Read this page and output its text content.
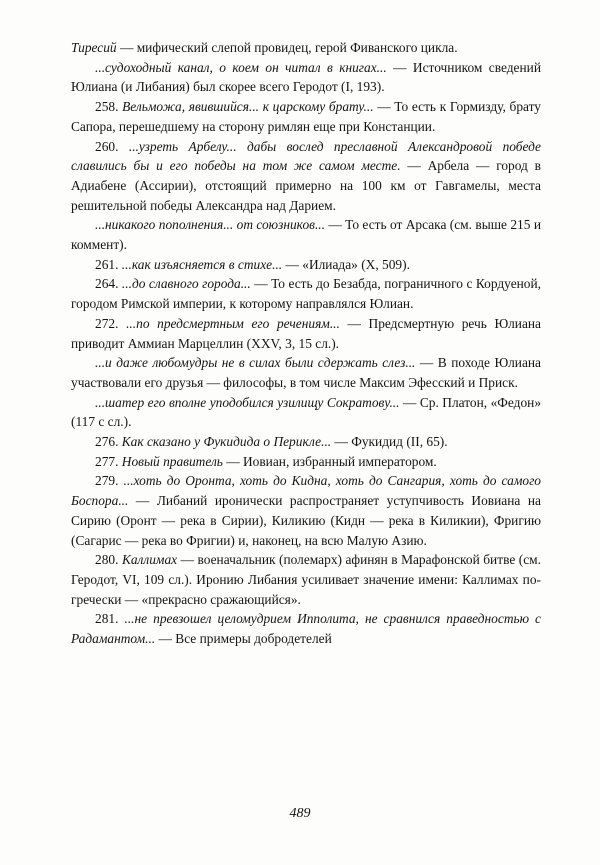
Тиресий — мифический слепой провидец, герой Фиванского цикла.

...судоходный канал, о коем он читал в книгах... — Источником сведений Юлиана (и Либания) был скорее всего Геродот (I, 193).

258. Вельможа, явившийся... к царскому брату... — То есть к Гормизду, брату Сапора, перешедшему на сторону римлян еще при Констанции.

260. ...узреть Арбелу... дабы вослед преславной Александровой победе славились бы и его победы на том же самом месте. — Арбела — город в Адиабене (Ассирии), отстоящий примерно на 100 км от Гавгамелы, места решительной победы Александра над Дарием.

...никакого пополнения... от союзников... — То есть от Арсака (см. выше 215 и коммент).

261. ...как изъясняется в стихе... — «Илиада» (X, 509).

264. ...до славного города... — То есть до Безабда, пограничного с Кордуеной, городом Римской империи, к которому направлялся Юлиан.

272. ...по предсмертным его речениям... — Предсмертную речь Юлиана приводит Аммиан Марцеллин (XXV, 3, 15 сл.).

...и даже любомудры не в силах были сдержать слез... — В походе Юлиана участвовали его друзья — философы, в том числе Максим Эфесский и Приск.

...шатер его вполне уподобился узилищу Сократову... — Ср. Платон, «Федон» (117 с сл.).

276. Как сказано у Фукидида о Перикле... — Фукидид (II, 65).

277. Новый правитель — Иовиан, избранный императором.

279. ...хоть до Оронта, хоть до Кидна, хоть до Сангария, хоть до самого Боспора... — Либаний иронически распространяет уступчивость Иовиана на Сирию (Оронт — река в Сирии), Киликию (Кидн — река в Киликии), Фригию (Сагарис — река во Фригии) и, наконец, на всю Малую Азию.

280. Каллимах — военачальник (полемарх) афинян в Марафонской битве (см. Геродот, VI, 109 сл.). Иронию Либания усиливает значение имени: Каллимах по-гречески — «прекрасно сражающийся».

281. ...не превзошел целомудрием Ипполита, не сравнился праведностью с Радамантом... — Все примеры добродетелей

489
